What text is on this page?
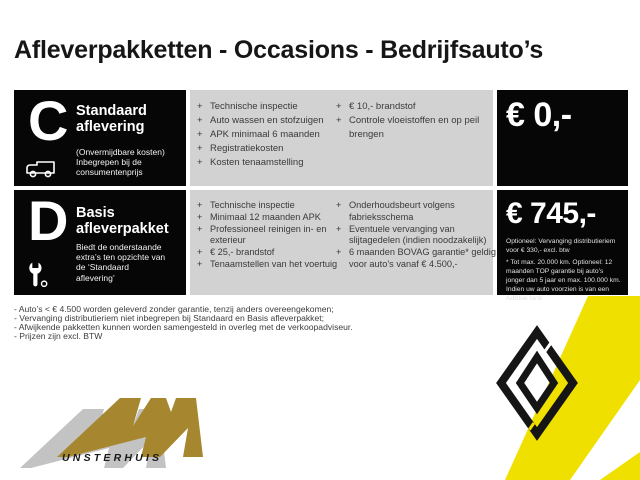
Afleverpakketten - Occasions - Bedrijfsauto’s
C Standaard aflevering
(Onvermijdbare kosten) Inbegrepen bij de consumentenprijs
+ Technische inspectie
+ Auto wassen en stofzuigen
+ APK minimaal 6 maanden
+ Registratiekosten
+ Kosten tenaamstelling
+ € 10,- brandstof
+ Controle vloeistoffen en op peil brengen
€ 0,-
D Basis afleverpakket
Biedt de onderstaande extra’s ten opzichte van de ‘Standaard aflevering’
+ Technische inspectie
+ Minimaal 12 maanden APK
+ Professioneel reinigen in- en exterieur
+ € 25,- brandstof
+ Tenaamstellen van het voertuig
+ Onderhoudsbeurt volgens fabrieksschema
+ Eventuele vervanging van slijtagedelen (indien noodzakelijk)
+ 6 maanden BOVAG garantie* geldig voor auto’s vanaf € 4.500,-
€ 745,-

Optioneel: Vervanging distributieriem voor € 330,- excl. btw

* Tot max. 20.000 km. Optioneel: 12 maanden TOP garantie bij auto’s jonger dan 5 jaar en max. 100.000 km. Indien uw auto voorzien is van een AdBlue tank

- Auto’s < € 4.500 worden geleverd zonder garantie, tenzij anders overeengekomen;
- Vervanging distributieriem niet inbegrepen bij Standaard en Basis afleverpakket;
- Afwijkende pakketten kunnen worden samengesteld in overleg met de verkoopadviseur.
- Prijzen zijn excl. BTW
UNSTERHUIS
